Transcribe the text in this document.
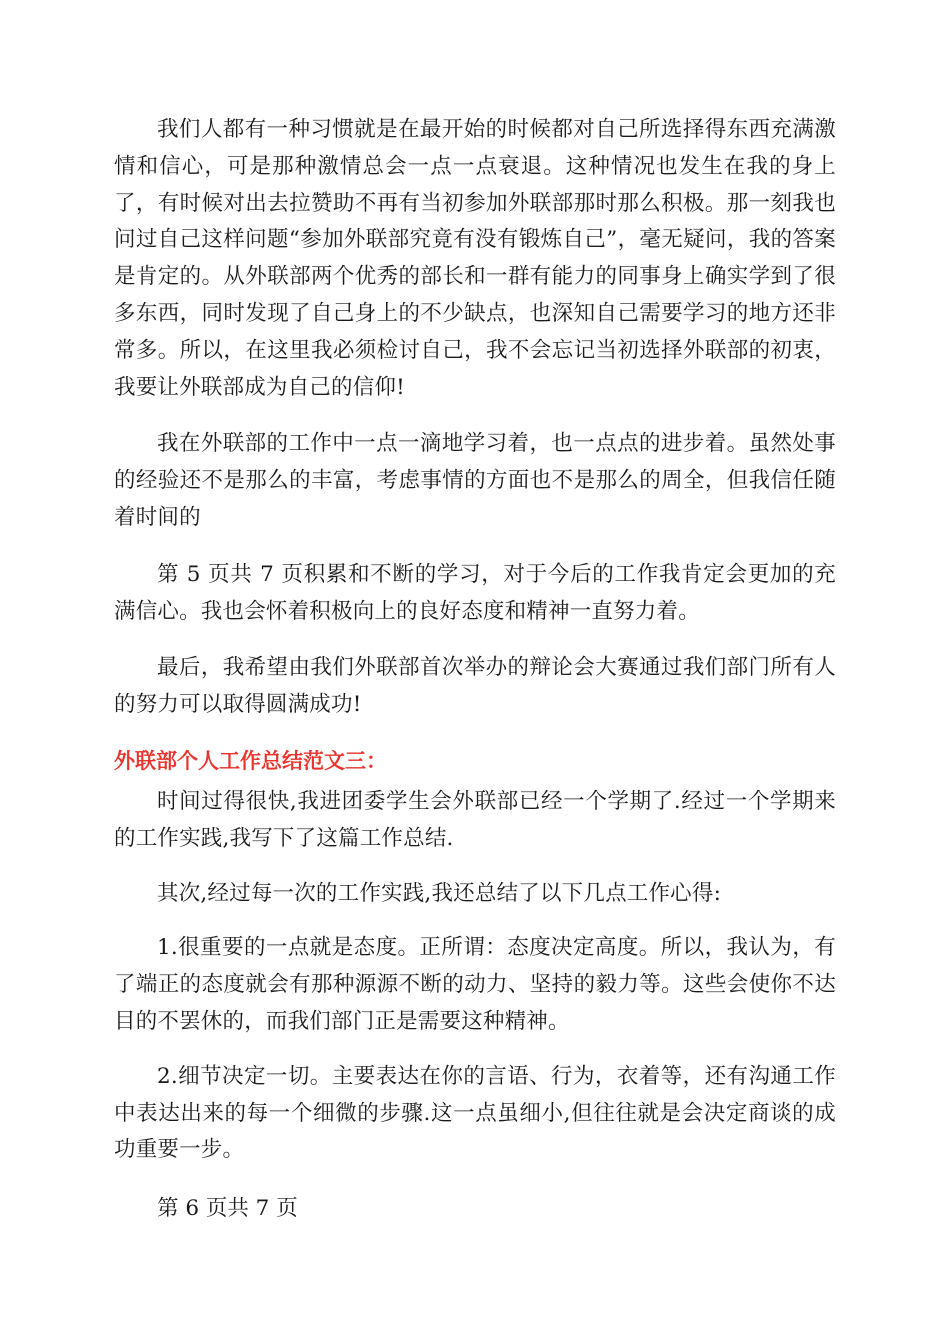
我们人都有一种习惯就是在最开始的时候都对自己所选择得东西充满激情和信心，可是那种激情总会一点一点衰退。这种情况也发生在我的身上了，有时候对出去拉赞助不再有当初参加外联部那时那么积极。那一刻我也问过自己这样问题“参加外联部究竟有没有锻炼自己”，毫无疑问，我的答案是肯定的。从外联部两个优秀的部长和一群有能力的同事身上确实学到了很多东西，同时发现了自己身上的不少缺点，也深知自己需要学习的地方还非常多。所以，在这里我必须检讨自己，我不会忘记当初选择外联部的初衷，我要让外联部成为自己的信仰!

我在外联部的工作中一点一滴地学习着，也一点点的进步着。虽然处事的经验还不是那么的丰富，考虑事情的方面也不是那么的周全，但我信任随着时间的

第 5 页共 7 页积累和不断的学习，对于今后的工作我肯定会更加的充满信心。我也会怀着积极向上的良好态度和精神一直努力着。

最后，我希望由我们外联部首次举办的辩论会大赛通过我们部门所有人的努力可以取得圆满成功!

外联部个人工作总结范文三：

时间过得很快,我进团委学生会外联部已经一个学期了.经过一个学期来的工作实践,我写下了这篇工作总结.

其次,经过每一次的工作实践,我还总结了以下几点工作心得:

1.很重要的一点就是态度。正所谓：态度决定高度。所以，我认为，有了端正的态度就会有那种源源不断的动力、坚持的毅力等。这些会使你不达目的不罢休的，而我们部门正是需要这种精神。

2.细节决定一切。主要表达在你的言语、行为，衣着等，还有沟通工作中表达出来的每一个细微的步骤.这一点虽细小,但往往就是会决定商谈的成功重要一步。

第 6 页共 7 页
